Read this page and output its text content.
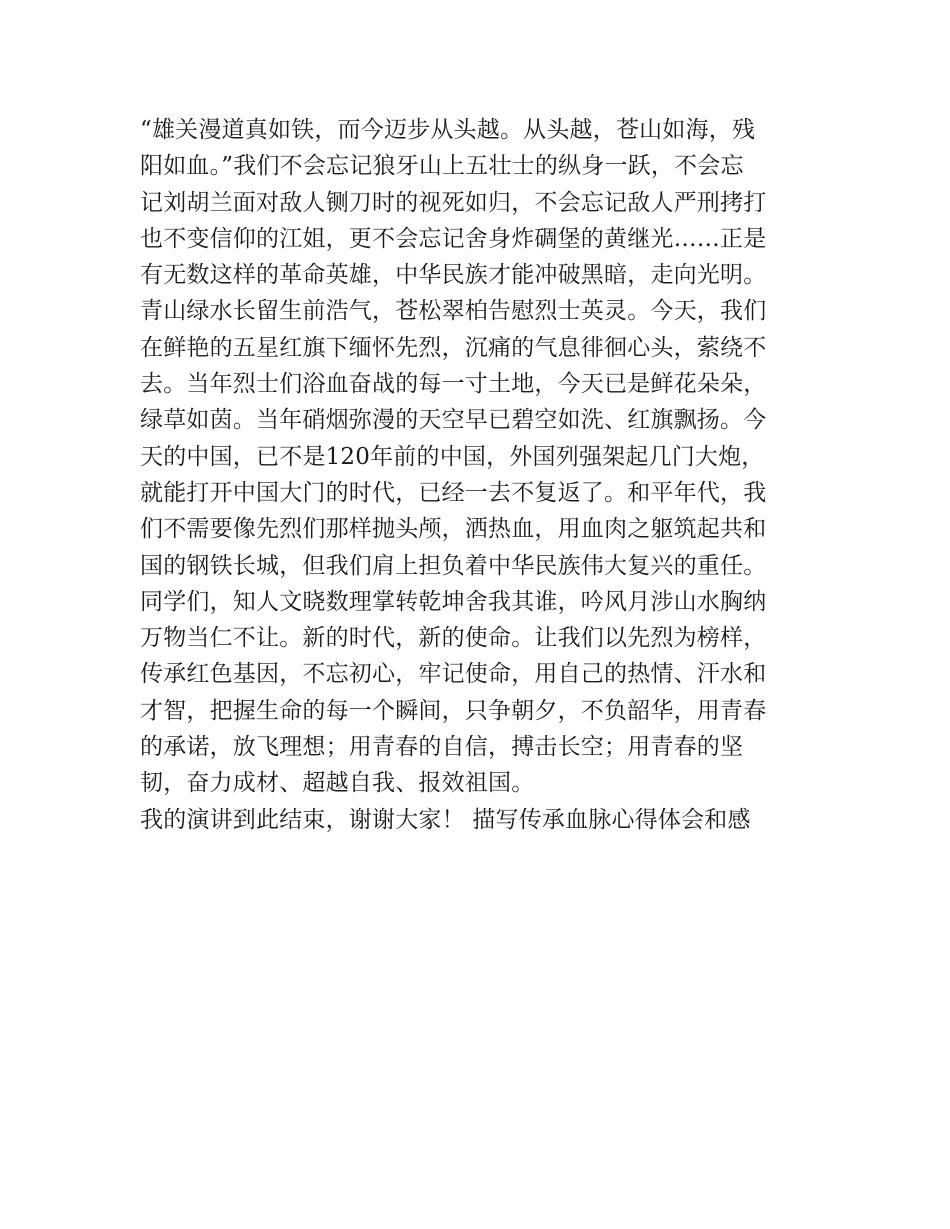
“雄关漫道真如铁，而今迈步从头越。从头越，苍山如海，残
阳如血。”我们不会忘记狼牙山上五壮士的纵身一跃，不会忘
记刘胡兰面对敌人铡刀时的视死如归，不会忘记敌人严刑拷打
也不变信仰的江姐，更不会忘记舍身炸碉堡的黄继光……正是
有无数这样的革命英雄，中华民族才能冲破黑暗，走向光明。
青山绿水长留生前浩气，苍松翠柏告慰烈士英灵。今天，我们
在鲜艳的五星红旗下缅怀先烈，沉痛的气息徘徊心头，萦绕不
去。当年烈士们浴血奋战的每一寸土地，今天已是鲜花朵朵，
绿草如茵。当年硝烟弥漫的天空早已碧空如洗、红旗飘扬。今
天的中国，已不是120年前的中国，外国列强架起几门大炮，
就能打开中国大门的时代，已经一去不复返了。和平年代，我
们不需要像先烈们那样抛头颅，洒热血，用血肉之躯筑起共和
国的钢铁长城，但我们肩上担负着中华民族伟大复兴的重任。
同学们，知人文晓数理掌转乾坤舍我其谁，吟风月涉山水胸纳
万物当仁不让。新的时代，新的使命。让我们以先烈为榜样，
传承红色基因，不忘初心，牢记使命，用自己的热情、汗水和
才智，把握生命的每一个瞬间，只争朝夕，不负韶华，用青春
的承诺，放飞理想；用青春的自信，搏击长空；用青春的坚
韧，奋力成材、超越自我、报效祖国。
我的演讲到此结束，谢谢大家！ 描写传承血脉心得体会和感
